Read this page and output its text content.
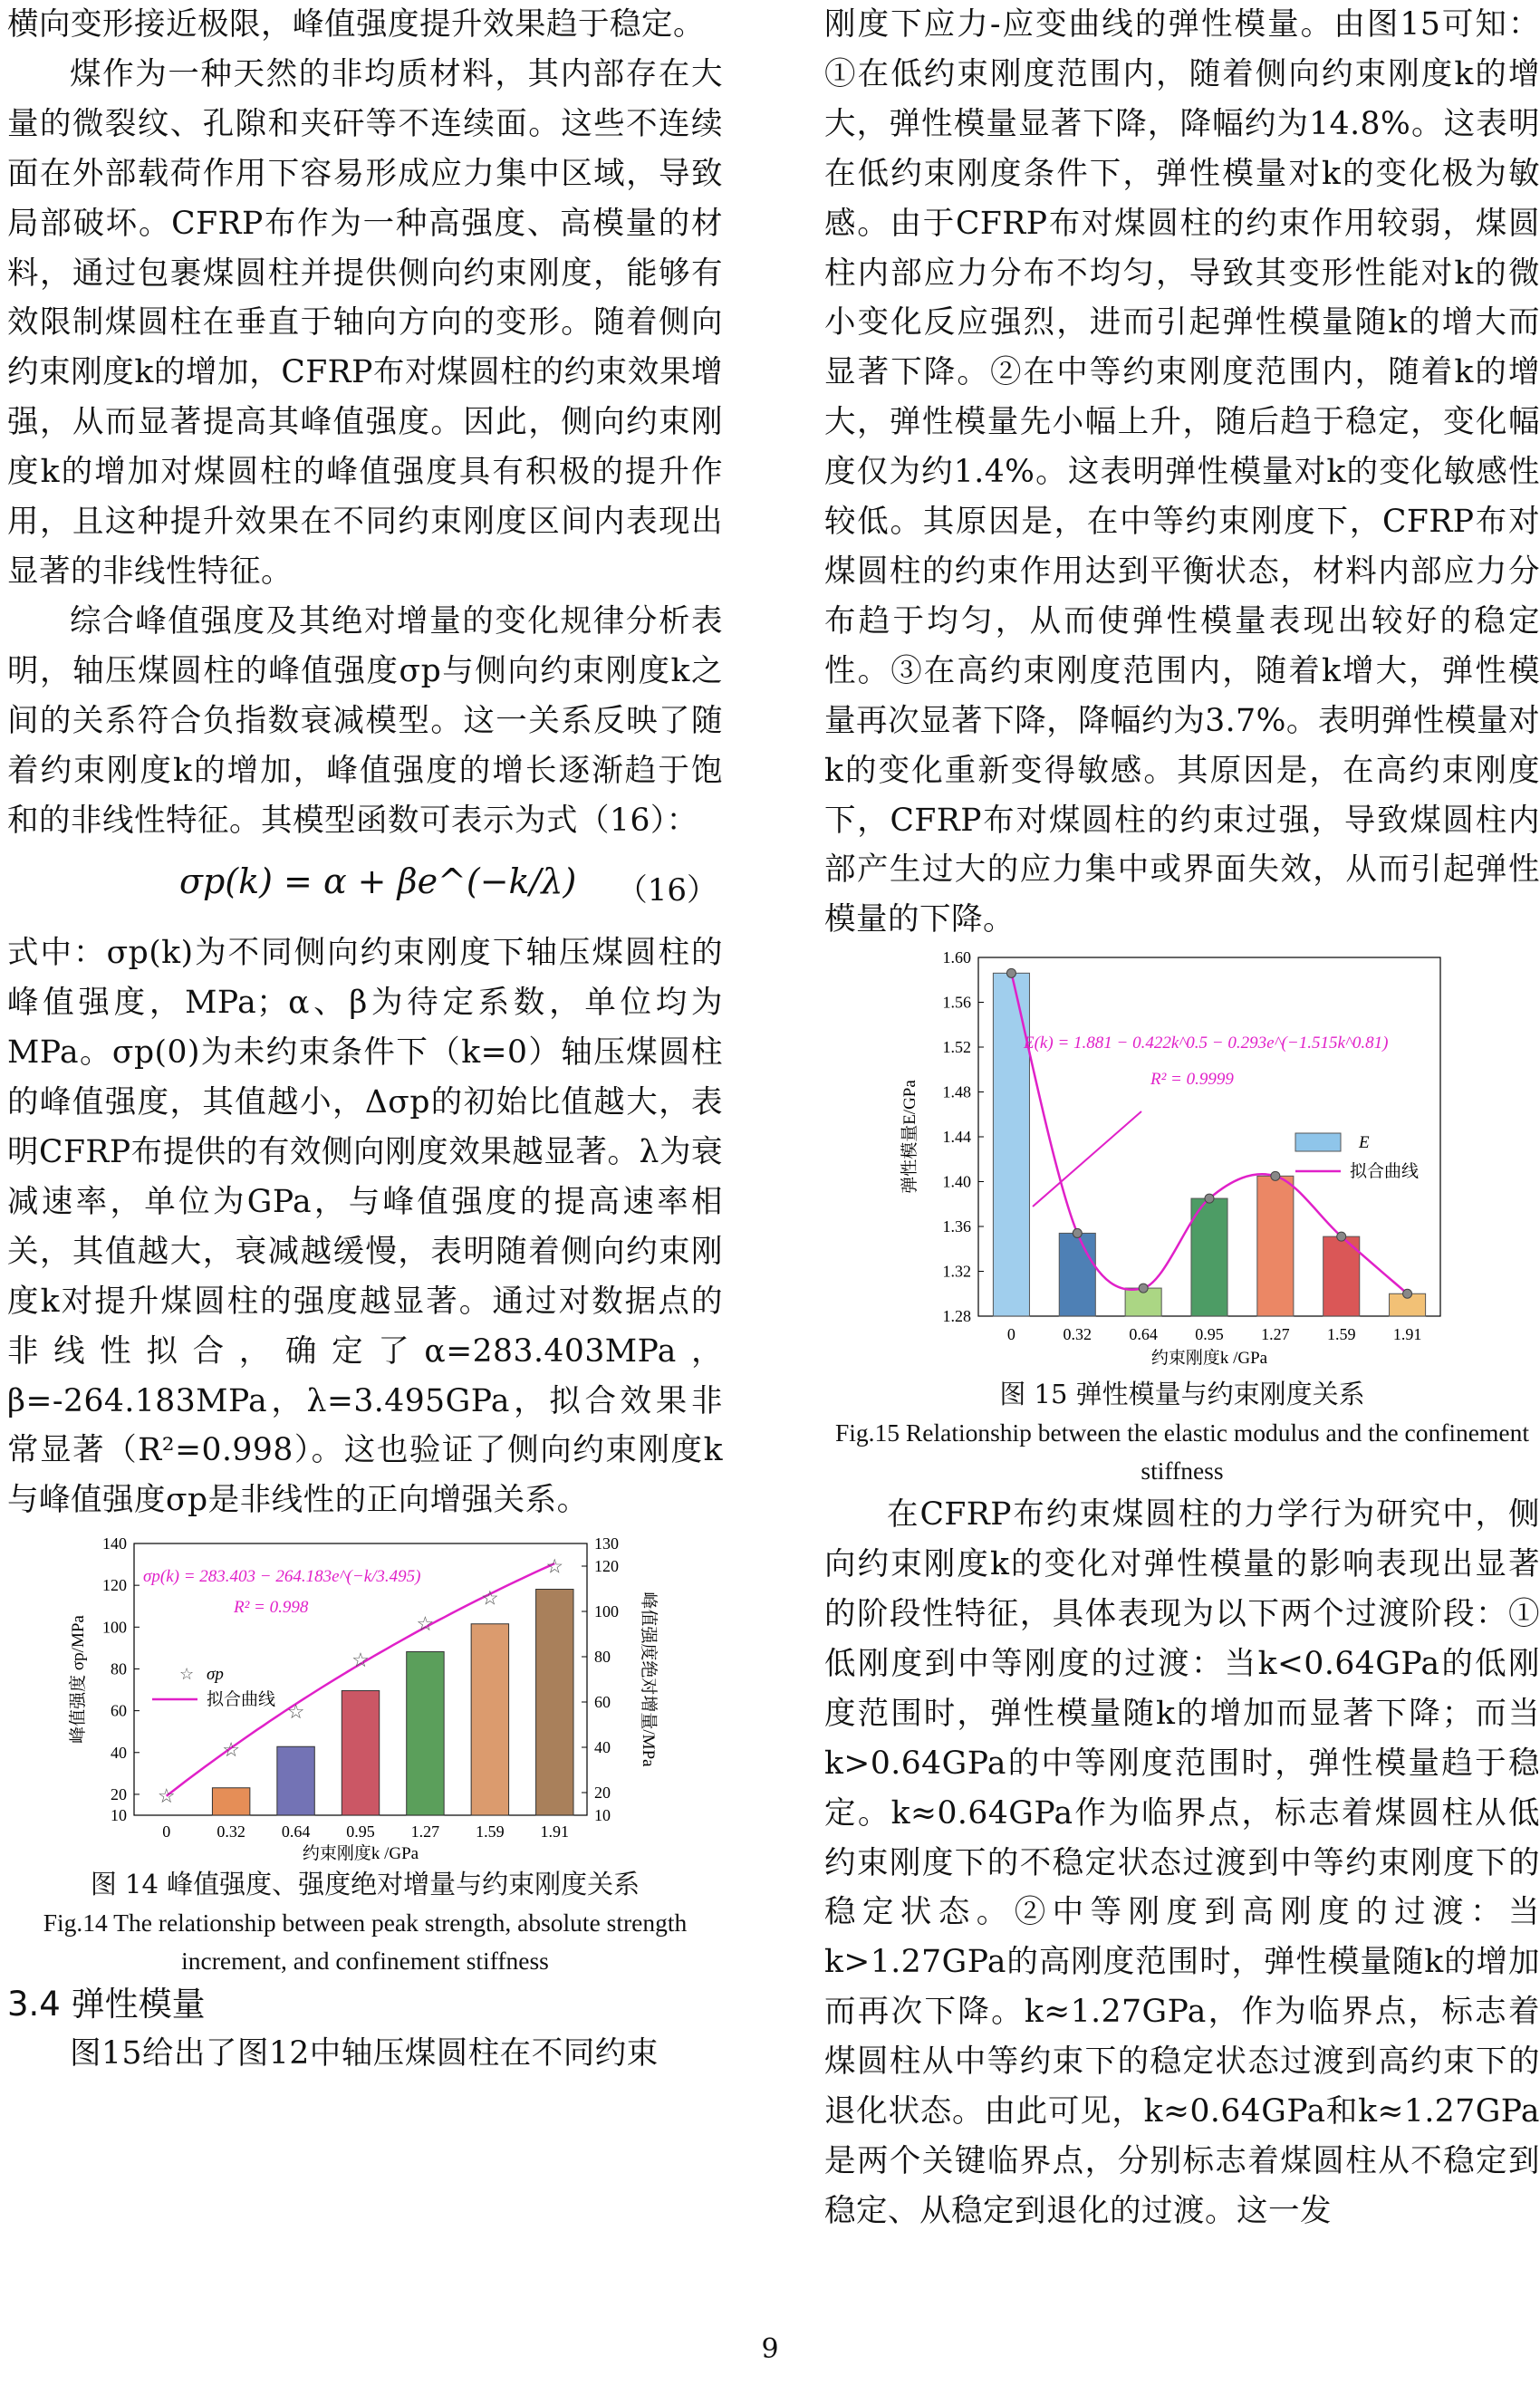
横向变形接近极限，峰值强度提升效果趋于稳定。

煤作为一种天然的非均质材料，其内部存在大量的微裂纹、孔隙和夹矸等不连续面。这些不连续面在外部载荷作用下容易形成应力集中区域，导致局部破坏。CFRP布作为一种高强度、高模量的材料，通过包裹煤圆柱并提供侧向约束刚度，能够有效限制煤圆柱在垂直于轴向方向的变形。随着侧向约束刚度k的增加，CFRP布对煤圆柱的约束效果增强，从而显著提高其峰值强度。因此，侧向约束刚度k的增加对煤圆柱的峰值强度具有积极的提升作用，且这种提升效果在不同约束刚度区间内表现出显著的非线性特征。

综合峰值强度及其绝对增量的变化规律分析表明，轴压煤圆柱的峰值强度σp与侧向约束刚度k之间的关系符合负指数衰减模型。这一关系反映了随着约束刚度k的增加，峰值强度的增长逐渐趋于饱和的非线性特征。其模型函数可表示为式（16）：

σp(k) = α + βe^(−k/λ) （16）

式中：σp(k)为不同侧向约束刚度下轴压煤圆柱的峰值强度，MPa；α、β为待定系数，单位均为MPa。σp(0)为未约束条件下（k=0）轴压煤圆柱的峰值强度，其值越小，Δσp的初始比值越大，表明CFRP布提供的有效侧向刚度效果越显著。λ为衰减速率，单位为GPa，与峰值强度的提高速率相关，其值越大，衰减越缓慢，表明随着侧向约束刚度k对提升煤圆柱的强度越显著。通过对数据点的非线性拟合，确定了α=283.403MPa，β=-264.183MPa，λ=3.495GPa，拟合效果非常显著（R²=0.998）。这也验证了侧向约束刚度k与峰值强度σp是非线性的正向增强关系。

10
20
40
60
80
100
120
140
10
20
40
60
80
100
120
130
0	0.32 0.64 0.95 1.27 1.59 1.91
约束刚度k /GPa
峰值强度 σp/MPa	峰值强度绝对增量/MPa
☆
☆
☆
☆
☆
☆
☆
σp(k) = 283.403 − 264.183e^(−k/3.495)
R² = 0.998
☆ σp
拟合曲线

图 14 峰值强度、强度绝对增量与约束刚度关系

Fig.14 The relationship between peak strength, absolute strength increment, and confinement stiffness

3.4 弹性模量

图15给出了图12中轴压煤圆柱在不同约束

刚度下应力-应变曲线的弹性模量。由图15可知：①在低约束刚度范围内，随着侧向约束刚度k的增大，弹性模量显著下降，降幅约为14.8%。这表明在低约束刚度条件下，弹性模量对k的变化极为敏感。由于CFRP布对煤圆柱的约束作用较弱，煤圆柱内部应力分布不均匀，导致其变形性能对k的微小变化反应强烈，进而引起弹性模量随k的增大而显著下降。②在中等约束刚度范围内，随着k的增大，弹性模量先小幅上升，随后趋于稳定，变化幅度仅为约1.4%。这表明弹性模量对k的变化敏感性较低。其原因是，在中等约束刚度下，CFRP布对煤圆柱的约束作用达到平衡状态，材料内部应力分布趋于均匀，从而使弹性模量表现出较好的稳定性。③在高约束刚度范围内，随着k增大，弹性模量再次显著下降，降幅约为3.7%。表明弹性模量对k的变化重新变得敏感。其原因是，在高约束刚度下，CFRP布对煤圆柱的约束过强，导致煤圆柱内部产生过大的应力集中或界面失效，从而引起弹性模量的下降。

1.28
1.32
1.36
1.40
1.44
1.48
1.52
1.56
1.60
0	0.32 0.64 0.95 1.27 1.59 1.91
约束刚度k /GPa
弹性模量E/GPa
E(k) = 1.881 − 0.422k^0.5 − 0.293e^(−1.515k^0.81)
R² = 0.9999
E
拟合曲线

图 15 弹性模量与约束刚度关系

Fig.15 Relationship between the elastic modulus and the confinement stiffness

在CFRP布约束煤圆柱的力学行为研究中，侧向约束刚度k的变化对弹性模量的影响表现出显著的阶段性特征，具体表现为以下两个过渡阶段：①低刚度到中等刚度的过渡：当k<0.64GPa的低刚度范围时，弹性模量随k的增加而显著下降；而当k>0.64GPa的中等刚度范围时，弹性模量趋于稳定。k≈0.64GPa作为临界点，标志着煤圆柱从低约束刚度下的不稳定状态过渡到中等约束刚度下的稳定状态。②中等刚度到高刚度的过渡：当k>1.27GPa的高刚度范围时，弹性模量随k的增加而再次下降。k≈1.27GPa，作为临界点，标志着煤圆柱从中等约束下的稳定状态过渡到高约束下的退化状态。由此可见，k≈0.64GPa和k≈1.27GPa是两个关键临界点，分别标志着煤圆柱从不稳定到稳定、从稳定到退化的过渡。这一发

9
